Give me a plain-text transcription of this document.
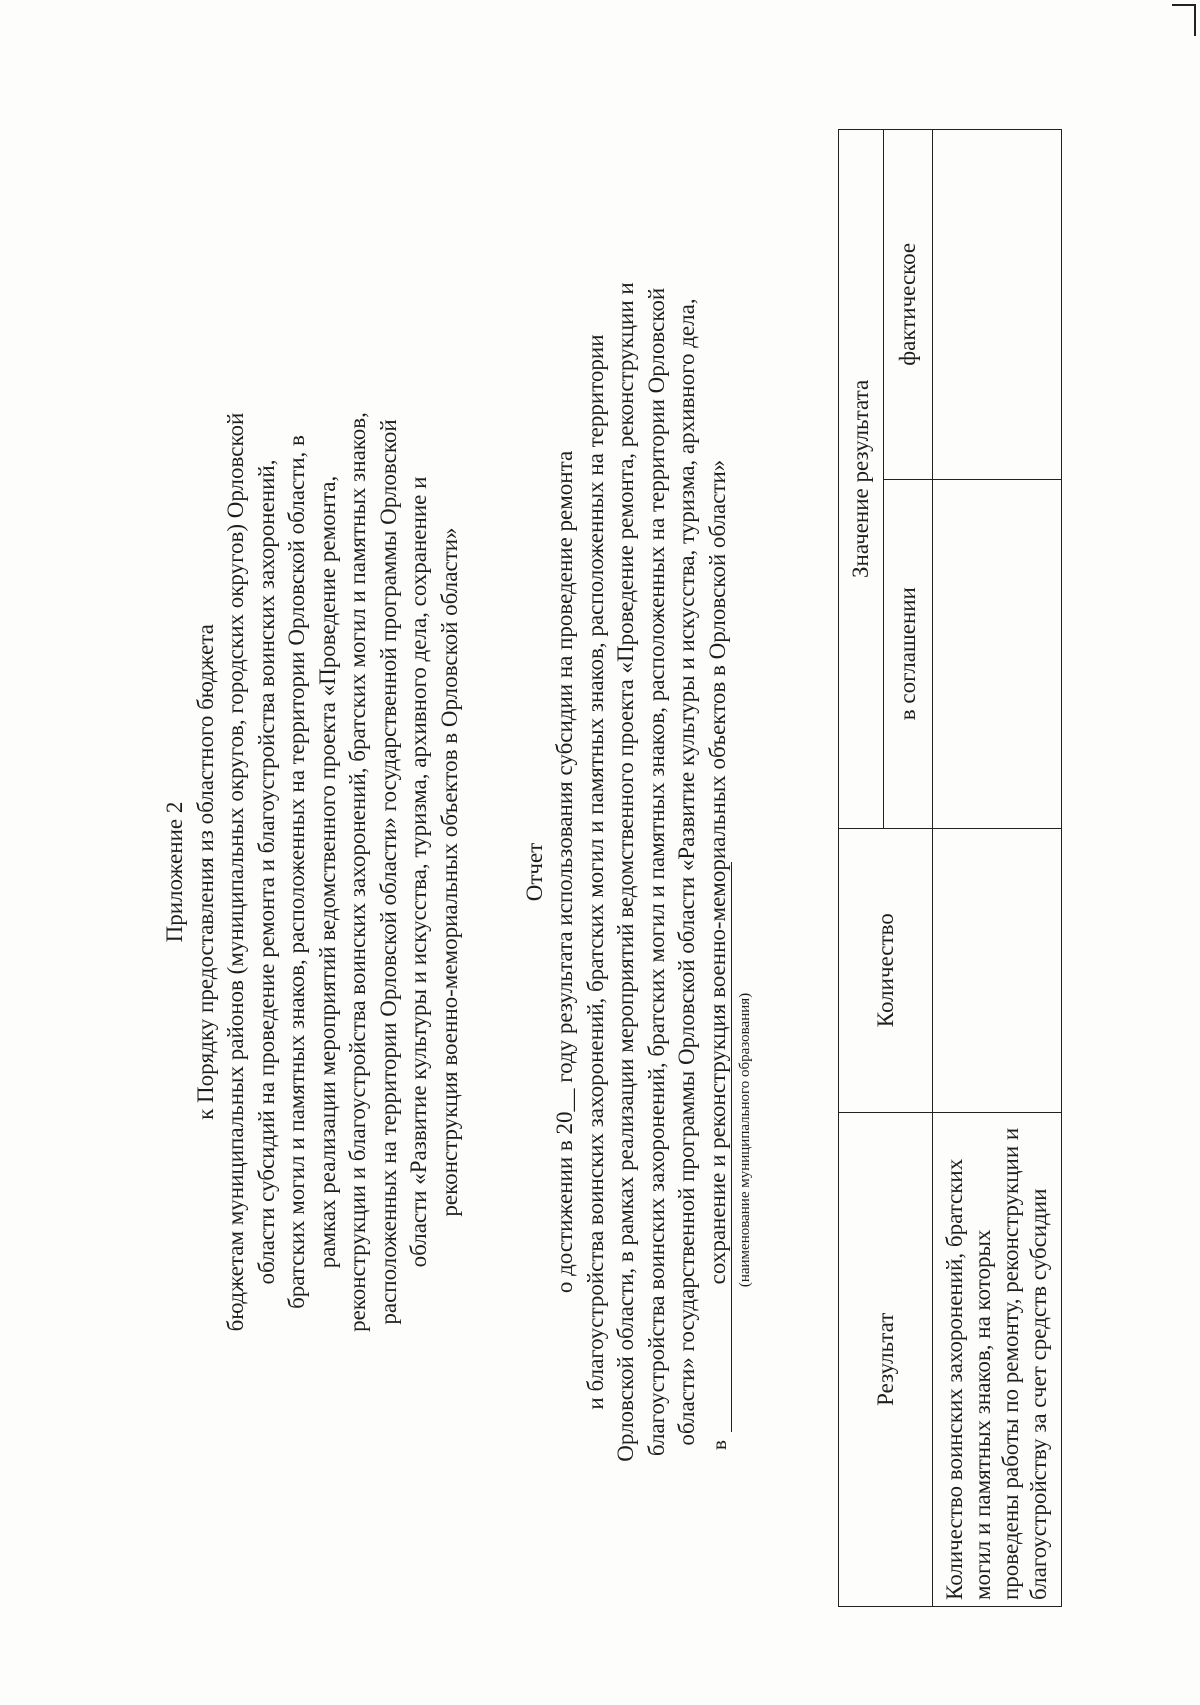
Приложение 2 к Порядку предоставления из областного бюджета бюджетам муниципальных районов (муниципальных округов, городских округов) Орловской области субсидий на проведение ремонта и благоустройства воинских захоронений, братских могил и памятных знаков, расположенных на территории Орловской области, в рамках реализации мероприятий ведомственного проекта «Проведение ремонта, реконструкции и благоустройства воинских захоронений, братских могил и памятных знаков, расположенных на территории Орловской области» государственной программы Орловской области «Развитие культуры и искусства, туризма, архивного дела, сохранение и реконструкция военно-мемориальных объектов в Орловской области»	Отчет о достижении в 20__ году результата использования субсидии на проведение ремонта и благоустройства воинских захоронений, братских могил и памятных знаков, расположенных на территории Орловской области, в рамках реализации мероприятий ведомственного проекта «Проведение ремонта, реконструкции и благоустройства воинских захоронений, братских могил и памятных знаков, расположенных на территории Орловской области» государственной программы Орловской области «Развитие культуры и искусства, туризма, архивного дела, сохранение и реконструкция военно-мемориальных объектов в Орловской области»
в
(наименование муниципального образования)
Результат	Количество	Значение результата	
		в соглашении	фактическое
Количество воинских захоронений, братских могил и памятных знаков, на которых проведены работы по ремонту, реконструкции и благоустройству за счет средств субсидии			
